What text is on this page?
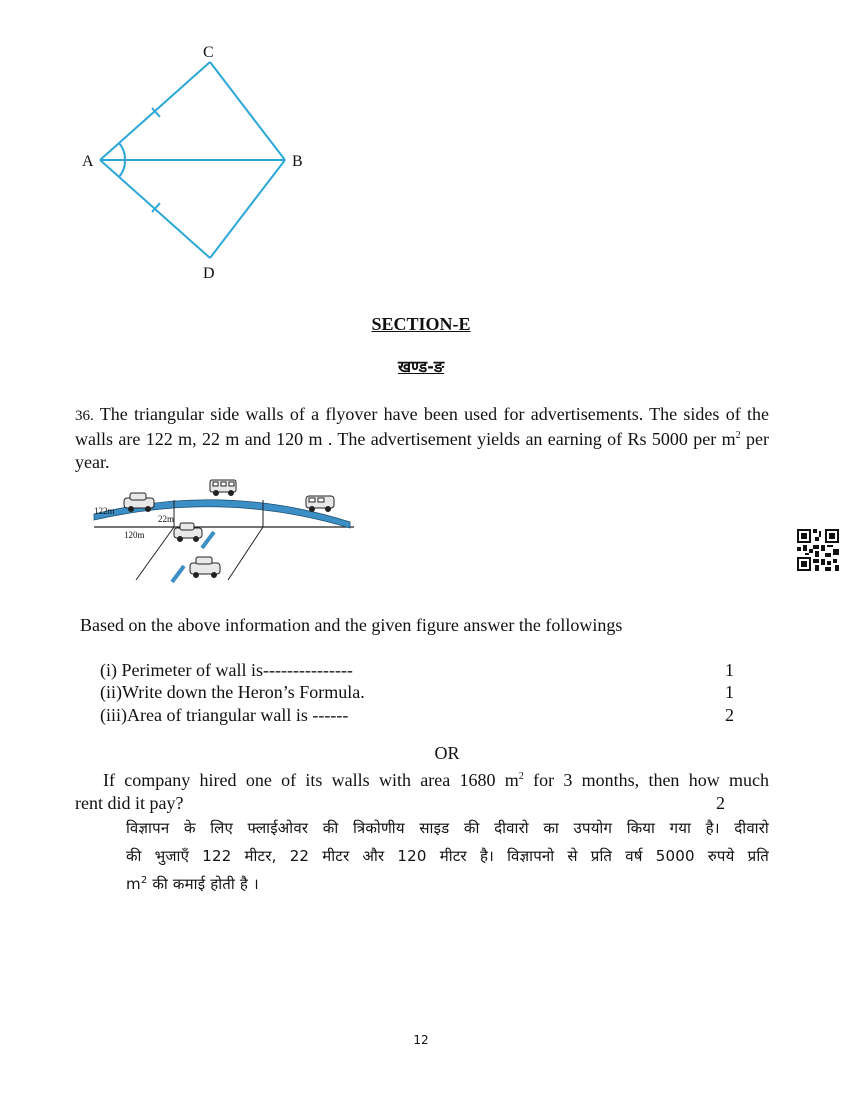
C
A	B
D
SECTION-E
खण्ड-ङ
36. The triangular side walls of a flyover have been used for advertisements. The sides of the walls are 122 m, 22 m and 120 m . The advertisement yields an earning of Rs 5000 per $m^2$ per year.
122m
22m
120m
Based on the above information and the given figure answer the followings
(i) Perimeter of wall is---------------	1
(ii)Write down the Heron’s Formula.	1
(iii)Area of triangular wall is ------	2
OR
If company hired one of its walls with area 1680 $m^2$ for 3 months, then how much
rent did it pay?	2
विज्ञापन के लिए फ्लाईओवर की त्रिकोणीय साइड की दीवारो का उपयोग किया गया है। दीवारो
की भुजाएँ 122 मीटर, 22 मीटर और 120 मीटर है। विज्ञापनो से प्रति वर्ष 5000 रुपये प्रति
$m^2$ की कमाई होती है ।
12
